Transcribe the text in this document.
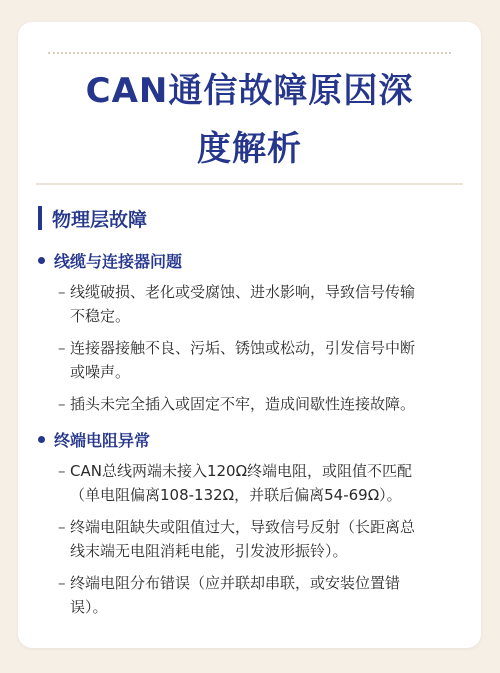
CAN通信故障原因深
度解析
物理层故障
线缆与连接器问题
– 线缆破损、老化或受腐蚀、进水影响，导致信号传输
不稳定。
– 连接器接触不良、污垢、锈蚀或松动，引发信号中断
或噪声。
– 插头未完全插入或固定不牢，造成间歇性连接故障。
终端电阻异常
– CAN总线两端未接入120Ω终端电阻，或阻值不匹配
（单电阻偏离108-132Ω，并联后偏离54-69Ω）。
– 终端电阻缺失或阻值过大，导致信号反射（长距离总
线末端无电阻消耗电能，引发波形振铃）。
– 终端电阻分布错误（应并联却串联，或安装位置错
误）。
